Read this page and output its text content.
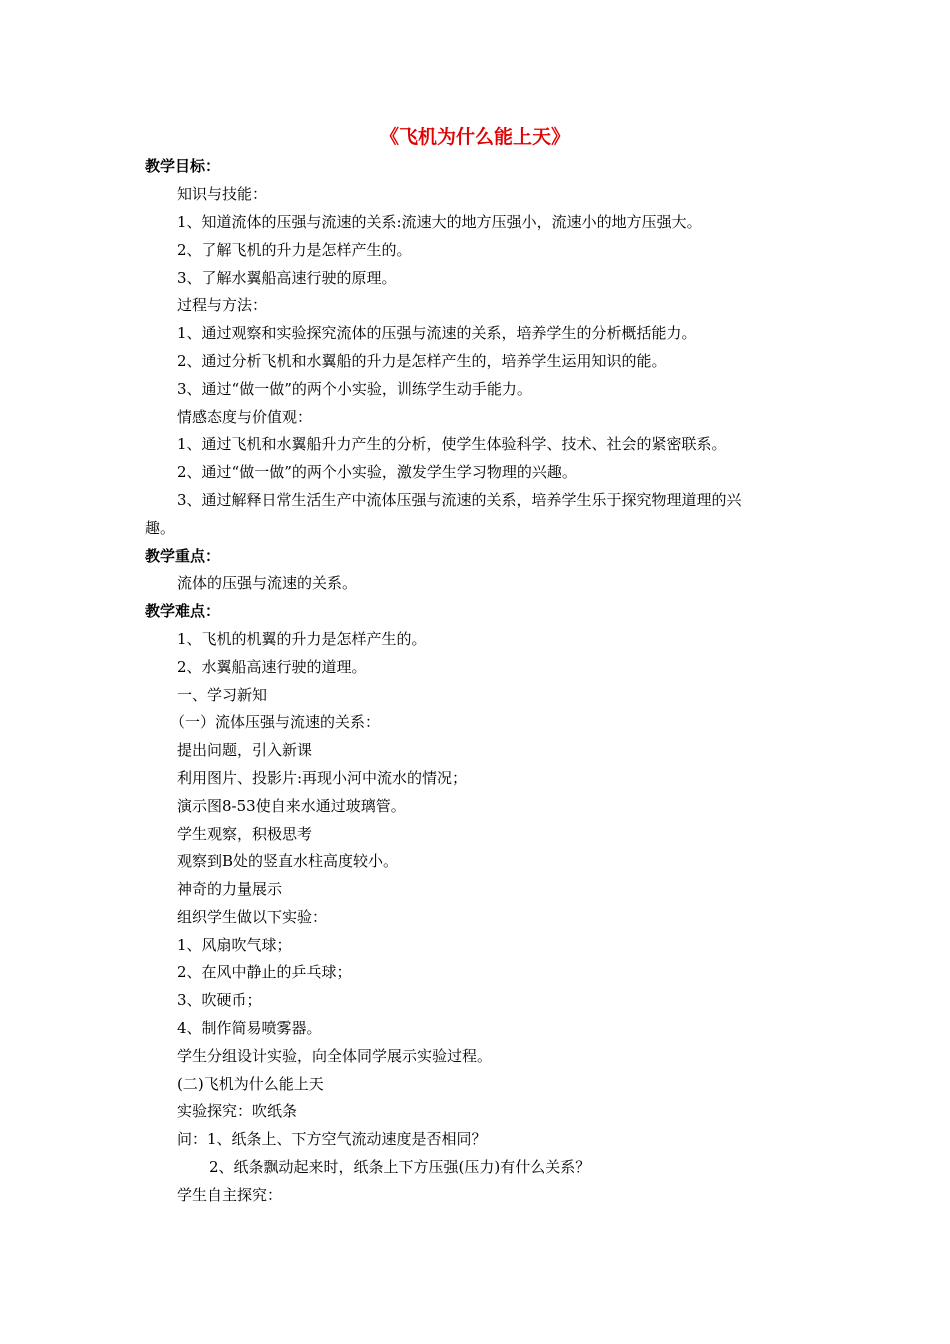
《飞机为什么能上天》
教学目标：
知识与技能：
1、知道流体的压强与流速的关系:流速大的地方压强小，流速小的地方压强大。
2、了解飞机的升力是怎样产生的。
3、了解水翼船高速行驶的原理。
过程与方法：
1、通过观察和实验探究流体的压强与流速的关系，培养学生的分析概括能力。
2、通过分析飞机和水翼船的升力是怎样产生的，培养学生运用知识的能。
3、通过“做一做”的两个小实验，训练学生动手能力。
情感态度与价值观：
1、通过飞机和水翼船升力产生的分析，使学生体验科学、技术、社会的紧密联系。
2、通过“做一做”的两个小实验，激发学生学习物理的兴趣。
3、通过解释日常生活生产中流体压强与流速的关系，培养学生乐于探究物理道理的兴
趣。
教学重点：
流体的压强与流速的关系。
教学难点：
1、飞机的机翼的升力是怎样产生的。
2、水翼船高速行驶的道理。
一、学习新知
（一）流体压强与流速的关系：
提出问题，引入新课
利用图片、投影片:再现小河中流水的情况；
演示图8-53使自来水通过玻璃管。
学生观察，积极思考
观察到B处的竖直水柱高度较小。
神奇的力量展示
组织学生做以下实验：
1、风扇吹气球；
2、在风中静止的乒乓球；
3、吹硬币；
4、制作简易喷雾器。
学生分组设计实验，向全体同学展示实验过程。
(二)飞机为什么能上天
实验探究：吹纸条
问：1、纸条上、下方空气流动速度是否相同？
2、纸条飘动起来时，纸条上下方压强(压力)有什么关系？
学生自主探究：
